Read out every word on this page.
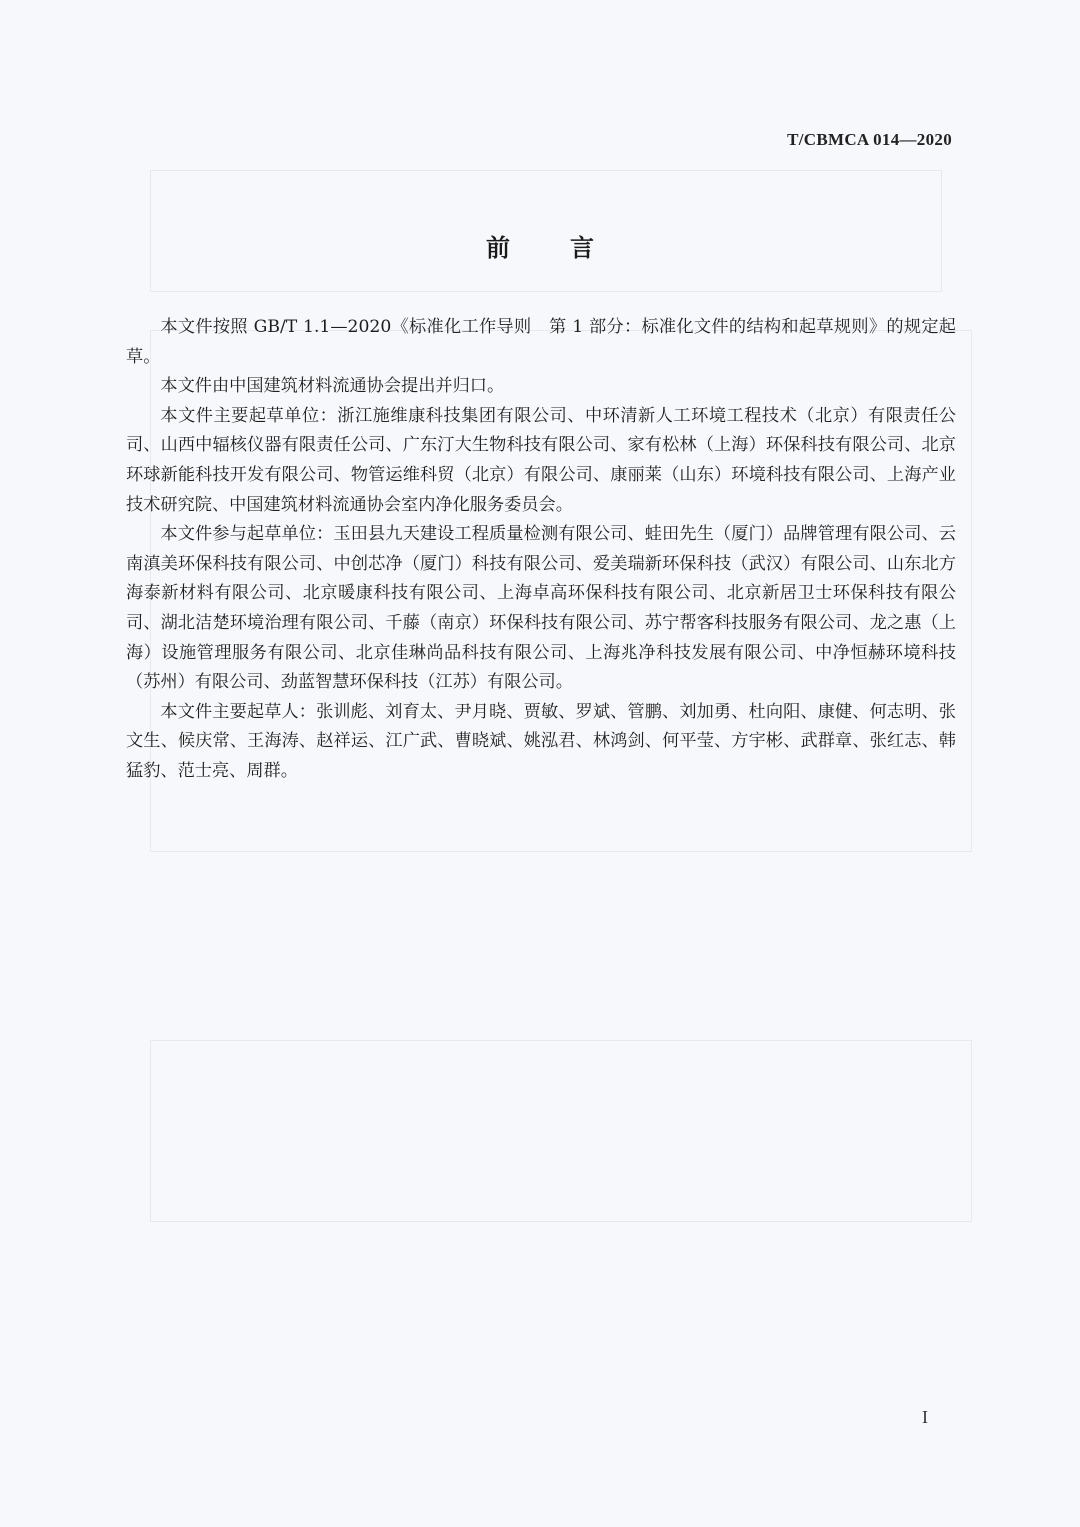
T/CBMCA 014—2020
前言

本文件按照 GB/T 1.1—2020《标准化工作导则　第 1 部分：标准化文件的结构和起草规则》的规定起草。

本文件由中国建筑材料流通协会提出并归口。

本文件主要起草单位：浙江施维康科技集团有限公司、中环清新人工环境工程技术（北京）有限责任公司、山西中辐核仪器有限责任公司、广东汀大生物科技有限公司、家有松林（上海）环保科技有限公司、北京环球新能科技开发有限公司、物管运维科贸（北京）有限公司、康丽莱（山东）环境科技有限公司、上海产业技术研究院、中国建筑材料流通协会室内净化服务委员会。

本文件参与起草单位：玉田县九天建设工程质量检测有限公司、蛙田先生（厦门）品牌管理有限公司、云南滇美环保科技有限公司、中创芯净（厦门）科技有限公司、爱美瑞新环保科技（武汉）有限公司、山东北方海泰新材料有限公司、北京暖康科技有限公司、上海卓高环保科技有限公司、北京新居卫士环保科技有限公司、湖北洁楚环境治理有限公司、千藤（南京）环保科技有限公司、苏宁帮客科技服务有限公司、龙之惠（上海）设施管理服务有限公司、北京佳琳尚品科技有限公司、上海兆净科技发展有限公司、中净恒赫环境科技（苏州）有限公司、劲蓝智慧环保科技（江苏）有限公司。

本文件主要起草人：张训彪、刘育太、尹月晓、贾敏、罗斌、管鹏、刘加勇、杜向阳、康健、何志明、张文生、候庆常、王海涛、赵祥运、江广武、曹晓斌、姚泓君、林鸿剑、何平莹、方宇彬、武群章、张红志、韩猛豹、范士亮、周群。

I
